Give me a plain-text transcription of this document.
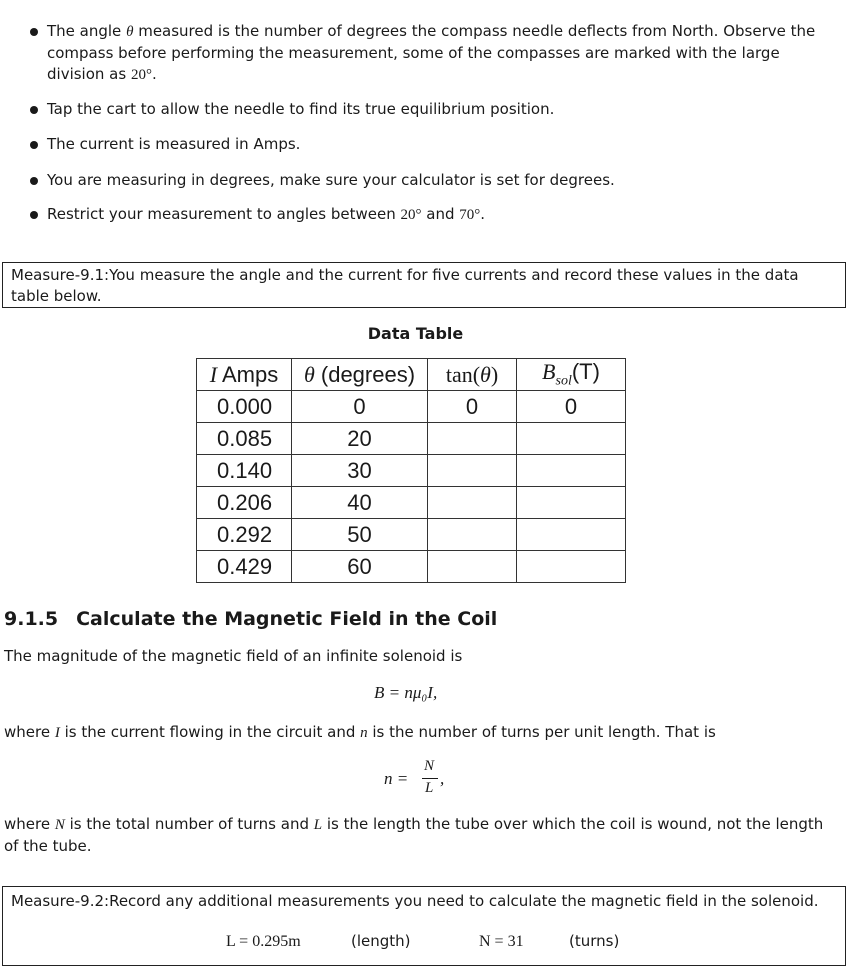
The angle θ measured is the number of degrees the compass needle deflects from North. Observe the compass before performing the measurement, some of the compasses are marked with the large division as 20°.
Tap the cart to allow the needle to find its true equilibrium position.
The current is measured in Amps.
You are measuring in degrees, make sure your calculator is set for degrees.
Restrict your measurement to angles between 20° and 70°.
Measure-9.1:You measure the angle and the current for five currents and record these values in the data table below.
Data Table
I Amps	θ (degrees)	tan(θ)	$B_{sol}(T)$
0.000	0	0	0
0.085	20		
0.140	30		
0.206	40		
0.292	50		
0.429	60		
9.1.5 Calculate the Magnetic Field in the Coil
The magnitude of the magnetic field of an infinite solenoid is
B = nμ₀I,
where I is the current flowing in the circuit and n is the number of turns per unit length. That is
n =
N
L ,
where N is the total number of turns and L is the length the tube over which the coil is wound, not the length of the tube.
Measure-9.2:Record any additional measurements you need to calculate the magnetic field in the solenoid.
L = 0.295m	(length)	N = 31	(turns)
